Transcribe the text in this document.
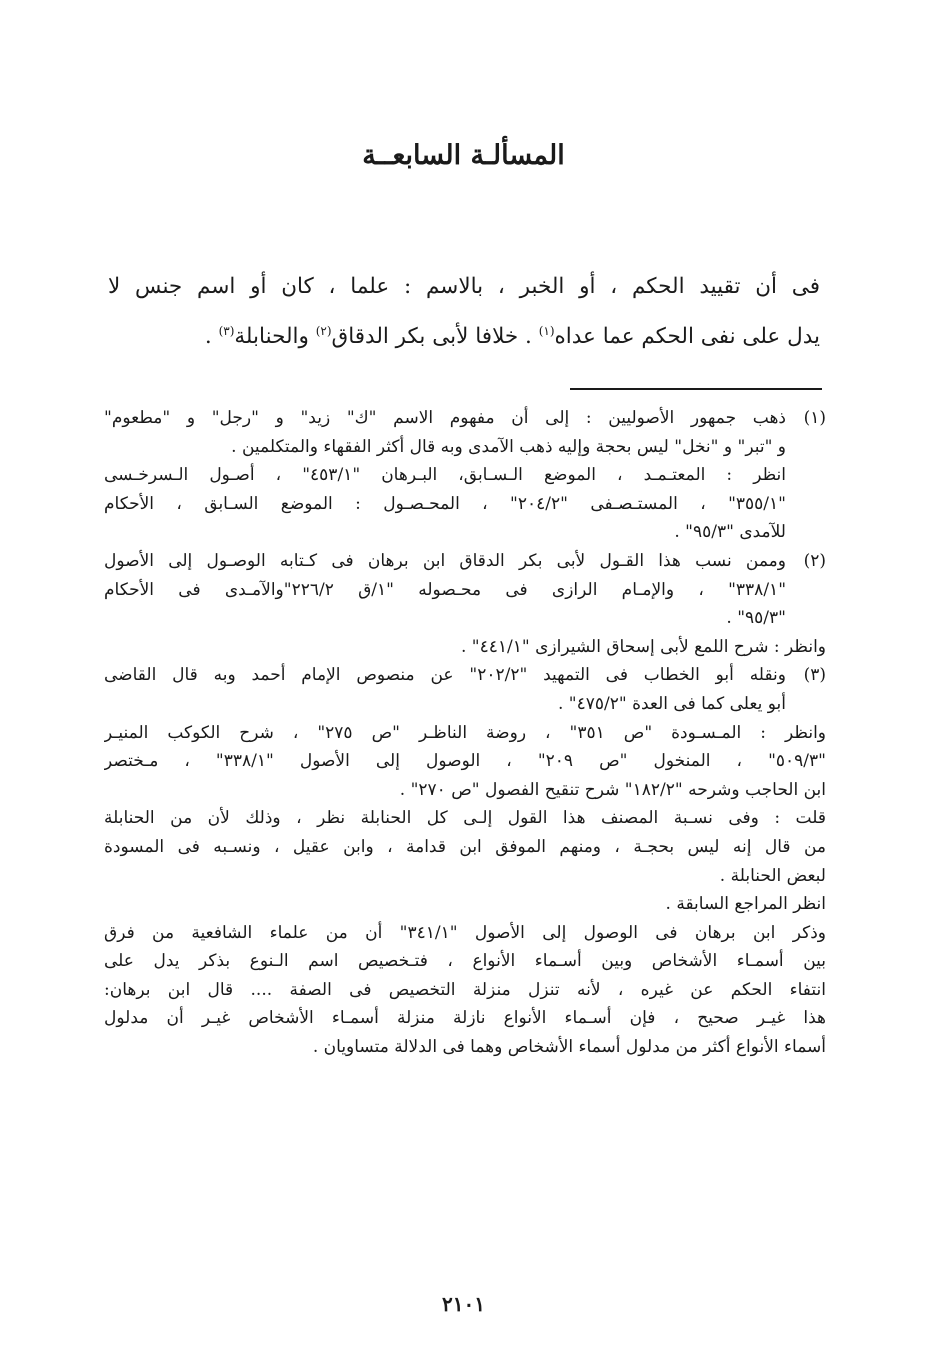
المسألـة السابعــة

فى أن تقييد الحكم ، أو الخبر ، بالاسم : علما ، كان أو اسم جنس لا

يدل على نفى الحكم عما عداه$^{(١)}$ . خلافا لأبى بكر الدقاق$^{(٢)}$ والحنابلة$^{(٣)}$ .

(١)
ذهب جمهور الأصوليين : إلى أن مفهوم الاسم "ك" زيد" و "رجل" و "مطعوم"
و "تبر" و "نخل" ليس بحجة وإليه ذهب الآمدى وبه قال أكثر الفقهاء والمتكلمين .
انظر : المعتـمـد ، الموضع الـسـابق، البـرهان "٤٥٣/١" ، أصـول الـسرخـسى
"٣٥٥/١" ، المستـصـفى "٢٠٤/٢" ، المحـصـول : الموضع السـابق ، الأحكام
للآمدى "٩٥/٣" .
(٢)
وممن نسب هذا القـول لأبى بكر الدقاق ابن برهان فى كـتابه الوصـول إلى الأصول
"٣٣٨/١" ، والإمـام الرازى فى محـصوله "١/ق ٢٢٦/٢"والآمـدى فى الأحكام
"٩٥/٣" .
وانظر : شرح اللمع لأبى إسحاق الشيرازى "٤٤١/١" .
(٣)
ونقله أبو الخطاب فى التمهيد "٢٠٢/٢" عن منصوص الإمام أحمد وبه قال القاضى
أبو يعلى كما فى العدة "٤٧٥/٢" .
وانظر : المـسـودة "ص ٣٥١" ، روضة الناظـر "ص ٢٧٥" ، شرح الكوكب المنيـر
"٥٠٩/٣" ، المنخول "ص ٢٠٩" ، الوصول إلى الأصول "٣٣٨/١" ، مـختصر
ابن الحاجب وشرحه "١٨٢/٢" شرح تنقيح الفصول "ص ٢٧٠" .
قلت : وفى نسـبة المصنف هذا القول إلـى كل الحنابلة نظر ، وذلك لأن من الحنابلة
من قال إنه ليس بحجـة ، ومنهم الموفق ابن قدامة ، وابن عقيل ، ونسـبه فى المسودة
لبعض الحنابلة .
انظر المراجع السابقة .
وذكر ابن برهان فى الوصول إلى الأصول "٣٤١/١" أن من علماء الشافعية من فرق
بين أسمـاء الأشخاص وبين أسـماء الأنواع ، فتـخصيص اسم الـنوع بذكر يدل على
انتفاء الحكم عن غيره ، لأنه تنزل منزلة التخصيص فى الصفة .... قال ابن برهان:
هذا غيـر صحيح ، فإن أسـماء الأنواع نازلة منزلة أسمـاء الأشخاص غيـر أن مدلول
أسماء الأنواع أكثر من مدلول أسماء الأشخاص وهما فى الدلالة متساويان .
٢١٠١
